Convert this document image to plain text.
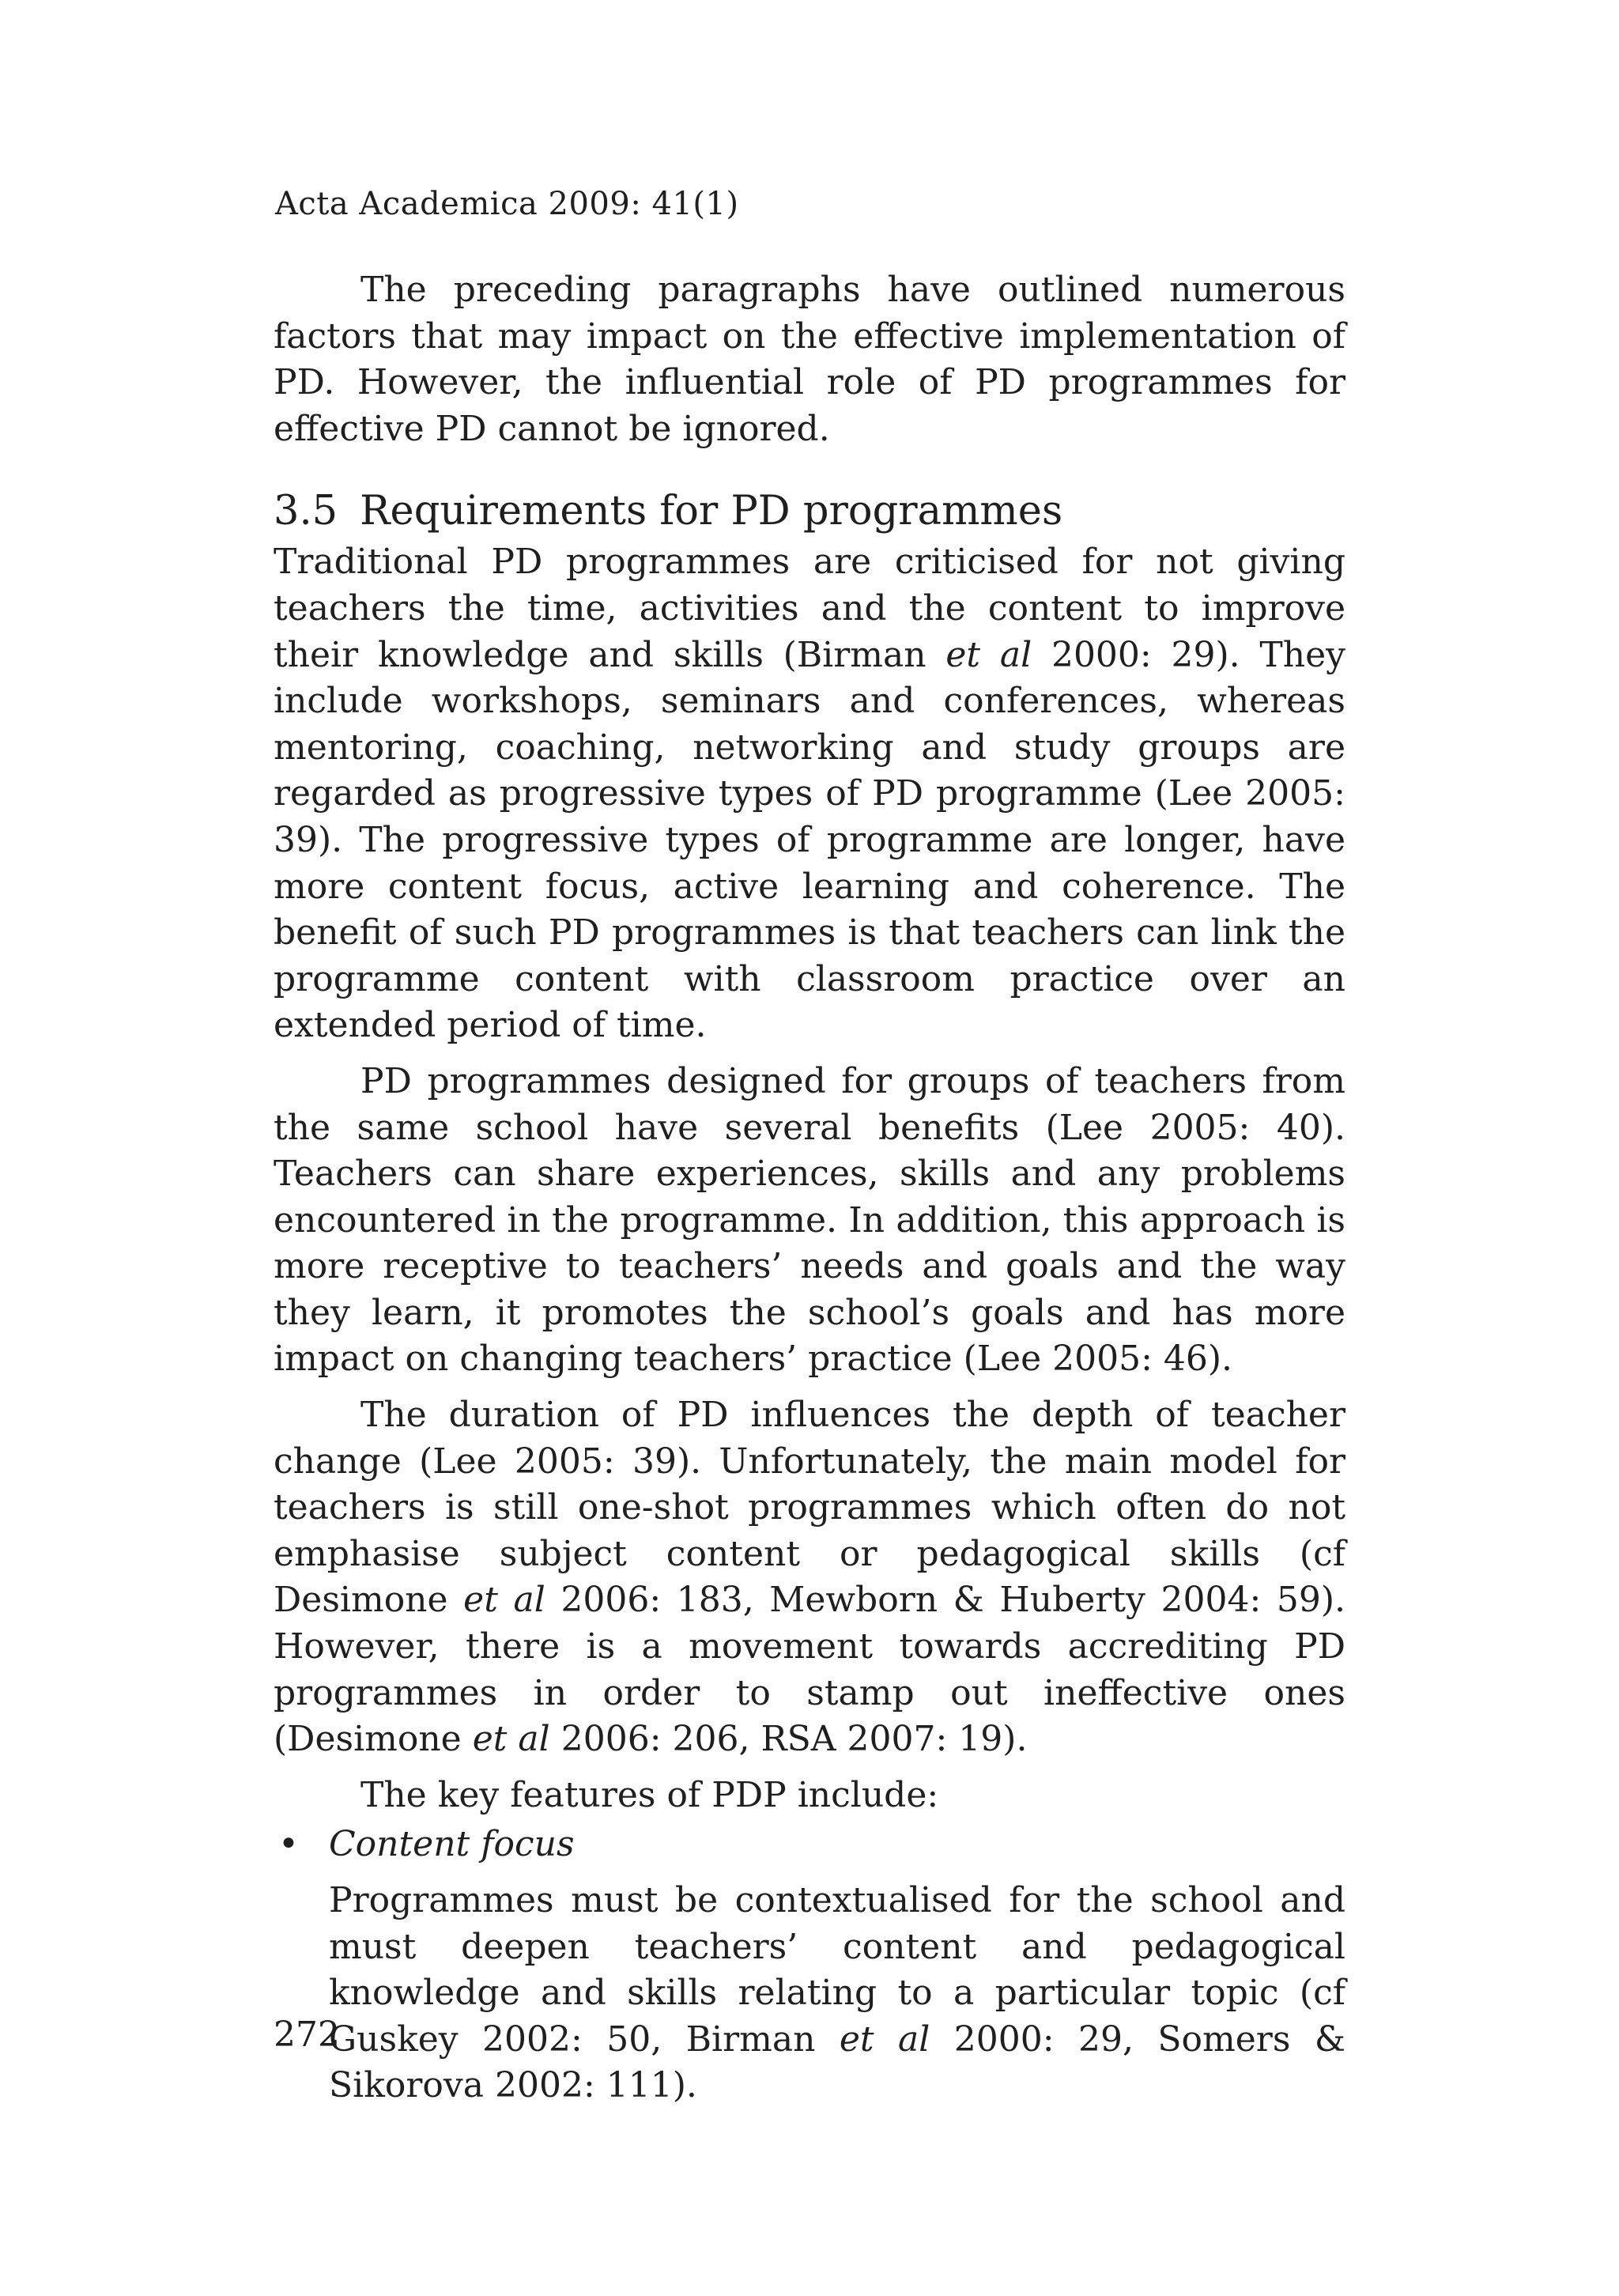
Acta Academica 2009: 41(1)

The preceding paragraphs have outlined numerous factors that may impact on the effective implementation of PD. However, the influential role of PD programmes for effective PD cannot be ignored.

3.5 Requirements for PD programmes

Traditional PD programmes are criticised for not giving teachers the time, activities and the content to improve their knowledge and skills (Birman et al 2000: 29). They include workshops, seminars and conferences, whereas mentoring, coaching, networking and study groups are regarded as progressive types of PD programme (Lee 2005: 39). The progressive types of programme are longer, have more content focus, active learning and coherence. The benefit of such PD programmes is that teachers can link the programme content with classroom practice over an extended period of time.

PD programmes designed for groups of teachers from the same school have several benefits (Lee 2005: 40). Teachers can share experiences, skills and any problems encountered in the programme. In addition, this approach is more receptive to teachers’ needs and goals and the way they learn, it promotes the school’s goals and has more impact on changing teachers’ practice (Lee 2005: 46).

The duration of PD influences the depth of teacher change (Lee 2005: 39). Unfortunately, the main model for teachers is still one-shot programmes which often do not emphasise subject content or pedagogical skills (cf Desimone et al 2006: 183, Mewborn & Huberty 2004: 59). However, there is a movement towards accrediting PD programmes in order to stamp out ineffective ones (Desimone et al 2006: 206, RSA 2007: 19).

The key features of PDP include:

• Content focus

Programmes must be contextualised for the school and must deepen teachers’ content and pedagogical knowledge and skills relating to a particular topic (cf Guskey 2002: 50, Birman et al 2000: 29, Somers & Sikorova 2002: 111).

272
